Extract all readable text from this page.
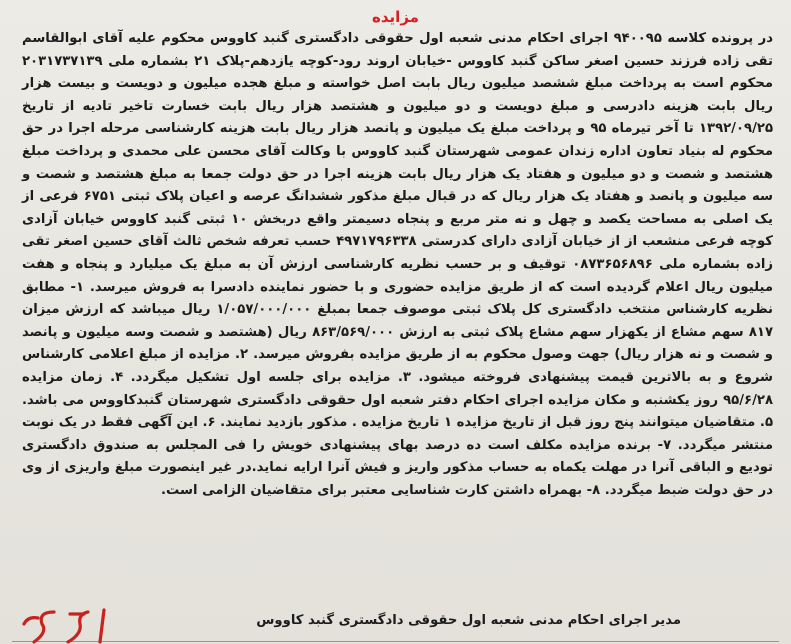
مزایده

در پرونده کلاسه ۹۴۰۰۹۵ اجرای احکام مدنی شعبه اول حقوقی دادگستری گنبد کاووس محکوم علیه آقای ابوالقاسم تقی زاده فرزند حسین اصغر ساکن گنبد کاووس -خیابان اروند رود-کوچه یازدهم-پلاک ۲۱ بشماره ملی ۲۰۳۱۷۳۷۱۳۹ محکوم است به پرداخت مبلغ ششصد میلیون ریال بابت اصل خواسته و مبلغ هجده میلیون و دویست و بیست هزار ریال بابت هزینه دادرسی و مبلغ دویست و دو میلیون و هشتصد هزار ریال بابت خسارت تاخیر تادیه از تاریخ ۱۳۹۲/۰۹/۲۵ تا آخر تیرماه ۹۵ و پرداخت مبلغ یک میلیون و پانصد هزار ریال بابت هزینه کارشناسی مرحله اجرا در حق محکوم له بنیاد تعاون اداره زندان عمومی شهرستان گنبد کاووس با وکالت آقای محسن علی محمدی و پرداخت مبلغ هشتصد و شصت و دو میلیون و هفتاد یک هزار ریال بابت هزینه اجرا در حق دولت جمعا به مبلغ هشتصد و شصت و سه میلیون و پانصد و هفتاد یک هزار ریال که در قبال مبلغ مذکور ششدانگ عرصه و اعیان پلاک ثبتی ۶۷۵۱ فرعی از یک اصلی به مساحت یکصد و چهل و نه متر مربع و پنجاه دسیمتر واقع دربخش ۱۰ ثبتی گنبد کاووس خیابان آزادی کوچه فرعی منشعب از از خیابان آزادی دارای کدرستی ۴۹۷۱۷۹۶۳۳۸ حسب تعرفه شخص ثالث آقای حسین اصغر تقی زاده بشماره ملی ۰۸۷۳۶۵۶۸۹۶ توقیف و بر حسب نظریه کارشناسی ارزش آن به مبلغ یک میلیارد و پنجاه و هفت میلیون ریال اعلام گردیده است که از طریق مزایده حضوری و با حضور نماینده دادسرا به فروش میرسد. ۱- مطابق نظریه کارشناس منتخب دادگستری کل پلاک ثبتی موصوف جمعا بمبلغ ۱/۰۵۷/۰۰۰/۰۰۰ ریال میباشد که ارزش میزان ۸۱۷ سهم مشاع از یکهزار سهم مشاع پلاک ثبتی به ارزش ۸۶۳/۵۶۹/۰۰۰ ریال (هشتصد و شصت وسه میلیون و پانصد و شصت و نه هزار ریال) جهت وصول محکوم به از طریق مزایده بفروش میرسد. ۲. مزایده از مبلغ اعلامی کارشناس شروع و به بالاترین قیمت پیشنهادی فروخته میشود. ۳. مزایده برای جلسه اول تشکیل میگردد. ۴. زمان مزایده ۹۵/۶/۲۸ روز یکشنبه و مکان مزایده اجرای احکام دفتر شعبه اول حقوقی دادگستری شهرستان گنبدکاووس می باشد. ۵. متقاضیان میتوانند پنج روز قبل از تاریخ مزایده ۱ تاریخ مزایده . مذکور بازدید نمایند. ۶. این آگهی فقط در یک نوبت منتشر میگردد. ۷- برنده مزایده مکلف است ده درصد بهای پیشنهادی خویش را فی المجلس به صندوق دادگستری تودیع و الباقی آنرا در مهلت یکماه به حساب مذکور واریز و فیش آنرا ارایه نماید.در غیر اینصورت مبلغ واریزی از وی در حق دولت ضبط میگردد. ۸- بهمراه داشتن کارت شناسایی معتبر برای متقاضیان الزامی است.

مدیر اجرای احکام مدنی شعبه اول حقوقی دادگستری گنبد کاووس
